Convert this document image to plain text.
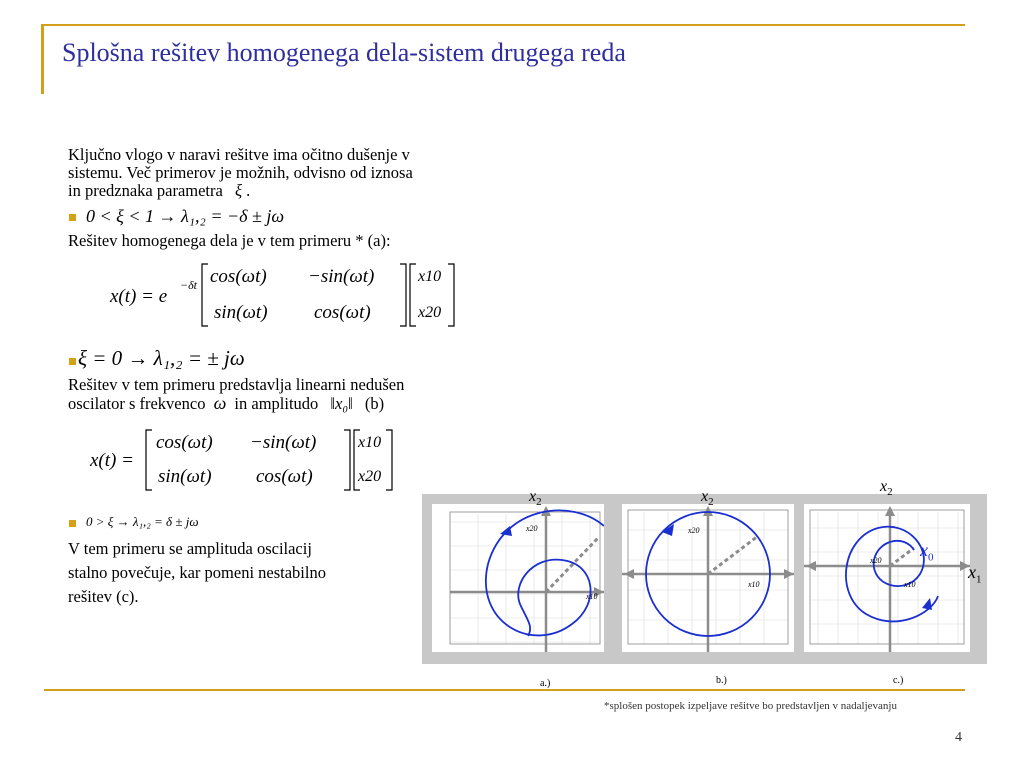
Splošna rešitev homogenega dela-sistem drugega reda
Ključno vlogo v naravi rešitve ima očitno dušenje v
sistemu. Več primerov je možnih, odvisno od iznosa
in predznaka parametra ξ .
0 < ξ < 1 → λ₁,₂ = −δ ± jω
Rešitev homogenega dela je v tem primeru * (a):
x(t) = e
−δt cos(ωt) −sin(ωt)
sin(ωt) cos(ωt)
x10
x20
ξ = 0 → λ₁,₂ = ± jω
Rešitev v tem primeru predstavlja linearni nedušen
oscilator s frekvenco ω in amplitudo ‖x₀‖ (b)
x(t) =
cos(ωt) −sin(ωt)
sin(ωt) cos(ωt)
x10
x20
0 > ξ → λ₁,₂ = δ ± jω
V tem primeru se amplituda oscilacij
stalno povečuje, kar pomeni nestabilno
rešitev (c).
x20
x10
x20
x10
x20
x10
$x_2$	$x_2$
$x_2$
$x_1$
$x_0$
a.)	b.)	c.)
*splošen postopek izpeljave rešitve bo predstavljen v nadaljevanju
4
